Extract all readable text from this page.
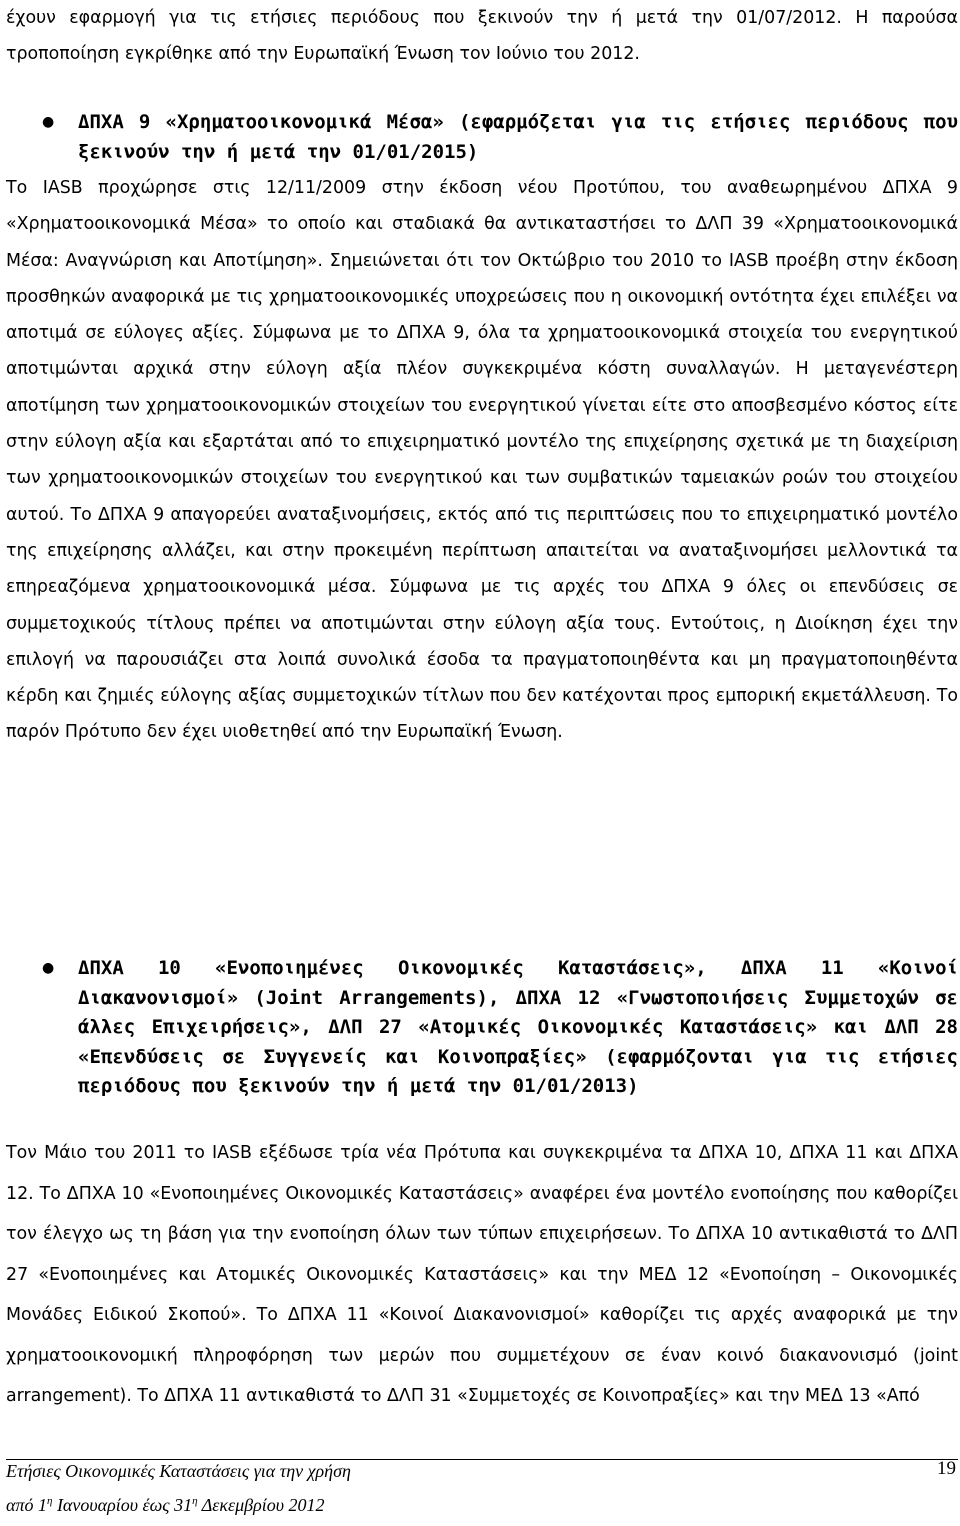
έχουν εφαρμογή για τις ετήσιες περιόδους που ξεκινούν την ή μετά την 01/07/2012. Η παρούσα τροποποίηση εγκρίθηκε από την Ευρωπαϊκή Ένωση τον Ιούνιο του 2012.

● ΔΠΧΑ 9 «Χρηματοοικονομικά Μέσα» (εφαρμόζεται για τις ετήσιες περιόδους που ξεκινούν την ή μετά την 01/01/2015)

Το IASB προχώρησε στις 12/11/2009 στην έκδοση νέου Προτύπου, του αναθεωρημένου ΔΠΧΑ 9 «Χρηματοοικονομικά Μέσα» το οποίο και σταδιακά θα αντικαταστήσει το ΔΛΠ 39 «Χρηματοοικονομικά Μέσα: Αναγνώριση και Αποτίμηση». Σημειώνεται ότι τον Οκτώβριο του 2010 το IASB προέβη στην έκδοση προσθηκών αναφορικά με τις χρηματοοικονομικές υποχρεώσεις που η οικονομική οντότητα έχει επιλέξει να αποτιμά σε εύλογες αξίες. Σύμφωνα με το ΔΠΧΑ 9, όλα τα χρηματοοικονομικά στοιχεία του ενεργητικού αποτιμώνται αρχικά στην εύλογη αξία πλέον συγκεκριμένα κόστη συναλλαγών. Η μεταγενέστερη αποτίμηση των χρηματοοικονομικών στοιχείων του ενεργητικού γίνεται είτε στο αποσβεσμένο κόστος είτε στην εύλογη αξία και εξαρτάται από το επιχειρηματικό μοντέλο της επιχείρησης σχετικά με τη διαχείριση των χρηματοοικονομικών στοιχείων του ενεργητικού και των συμβατικών ταμειακών ροών του στοιχείου αυτού. Το ΔΠΧΑ 9 απαγορεύει αναταξινομήσεις, εκτός από τις περιπτώσεις που το επιχειρηματικό μοντέλο της επιχείρησης αλλάζει, και στην προκειμένη περίπτωση απαιτείται να αναταξινομήσει μελλοντικά τα επηρεαζόμενα χρηματοοικονομικά μέσα. Σύμφωνα με τις αρχές του ΔΠΧΑ 9 όλες οι επενδύσεις σε συμμετοχικούς τίτλους πρέπει να αποτιμώνται στην εύλογη αξία τους. Εντούτοις, η Διοίκηση έχει την επιλογή να παρουσιάζει στα λοιπά συνολικά έσοδα τα πραγματοποιηθέντα και μη πραγματοποιηθέντα κέρδη και ζημιές εύλογης αξίας συμμετοχικών τίτλων που δεν κατέχονται προς εμπορική εκμετάλλευση. Το παρόν Πρότυπο δεν έχει υιοθετηθεί από την Ευρωπαϊκή Ένωση.

● ΔΠΧΑ 10 «Ενοποιημένες Οικονομικές Καταστάσεις», ΔΠΧΑ 11 «Κοινοί Διακανονισμοί» (Joint Arrangements), ΔΠΧΑ 12 «Γνωστοποιήσεις Συμμετοχών σε άλλες Επιχειρήσεις», ΔΛΠ 27 «Ατομικές Οικονομικές Καταστάσεις» και ΔΛΠ 28 «Επενδύσεις σε Συγγενείς και Κοινοπραξίες» (εφαρμόζονται για τις ετήσιες περιόδους που ξεκινούν την ή μετά την 01/01/2013)

Τον Μάιο του 2011 το IASB εξέδωσε τρία νέα Πρότυπα και συγκεκριμένα τα ΔΠΧΑ 10, ΔΠΧΑ 11 και ΔΠΧΑ 12. Το ΔΠΧΑ 10 «Ενοποιημένες Οικονομικές Καταστάσεις» αναφέρει ένα μοντέλο ενοποίησης που καθορίζει τον έλεγχο ως τη βάση για την ενοποίηση όλων των τύπων επιχειρήσεων. Το ΔΠΧΑ 10 αντικαθιστά το ΔΛΠ 27 «Ενοποιημένες και Ατομικές Οικονομικές Καταστάσεις» και την ΜΕΔ 12 «Ενοποίηση – Οικονομικές Μονάδες Ειδικού Σκοπού». Το ΔΠΧΑ 11 «Κοινοί Διακανονισμοί» καθορίζει τις αρχές αναφορικά με την χρηματοοικονομική πληροφόρηση των μερών που συμμετέχουν σε έναν κοινό διακανονισμό (joint arrangement). Το ΔΠΧΑ 11 αντικαθιστά το ΔΛΠ 31 «Συμμετοχές σε Κοινοπραξίες» και την ΜΕΔ 13 «Από

Ετήσιες Οικονομικές Καταστάσεις για την χρήση	19
από $1^\eta$ Ιανουαρίου έως $31^\eta$ Δεκεμβρίου 2012
